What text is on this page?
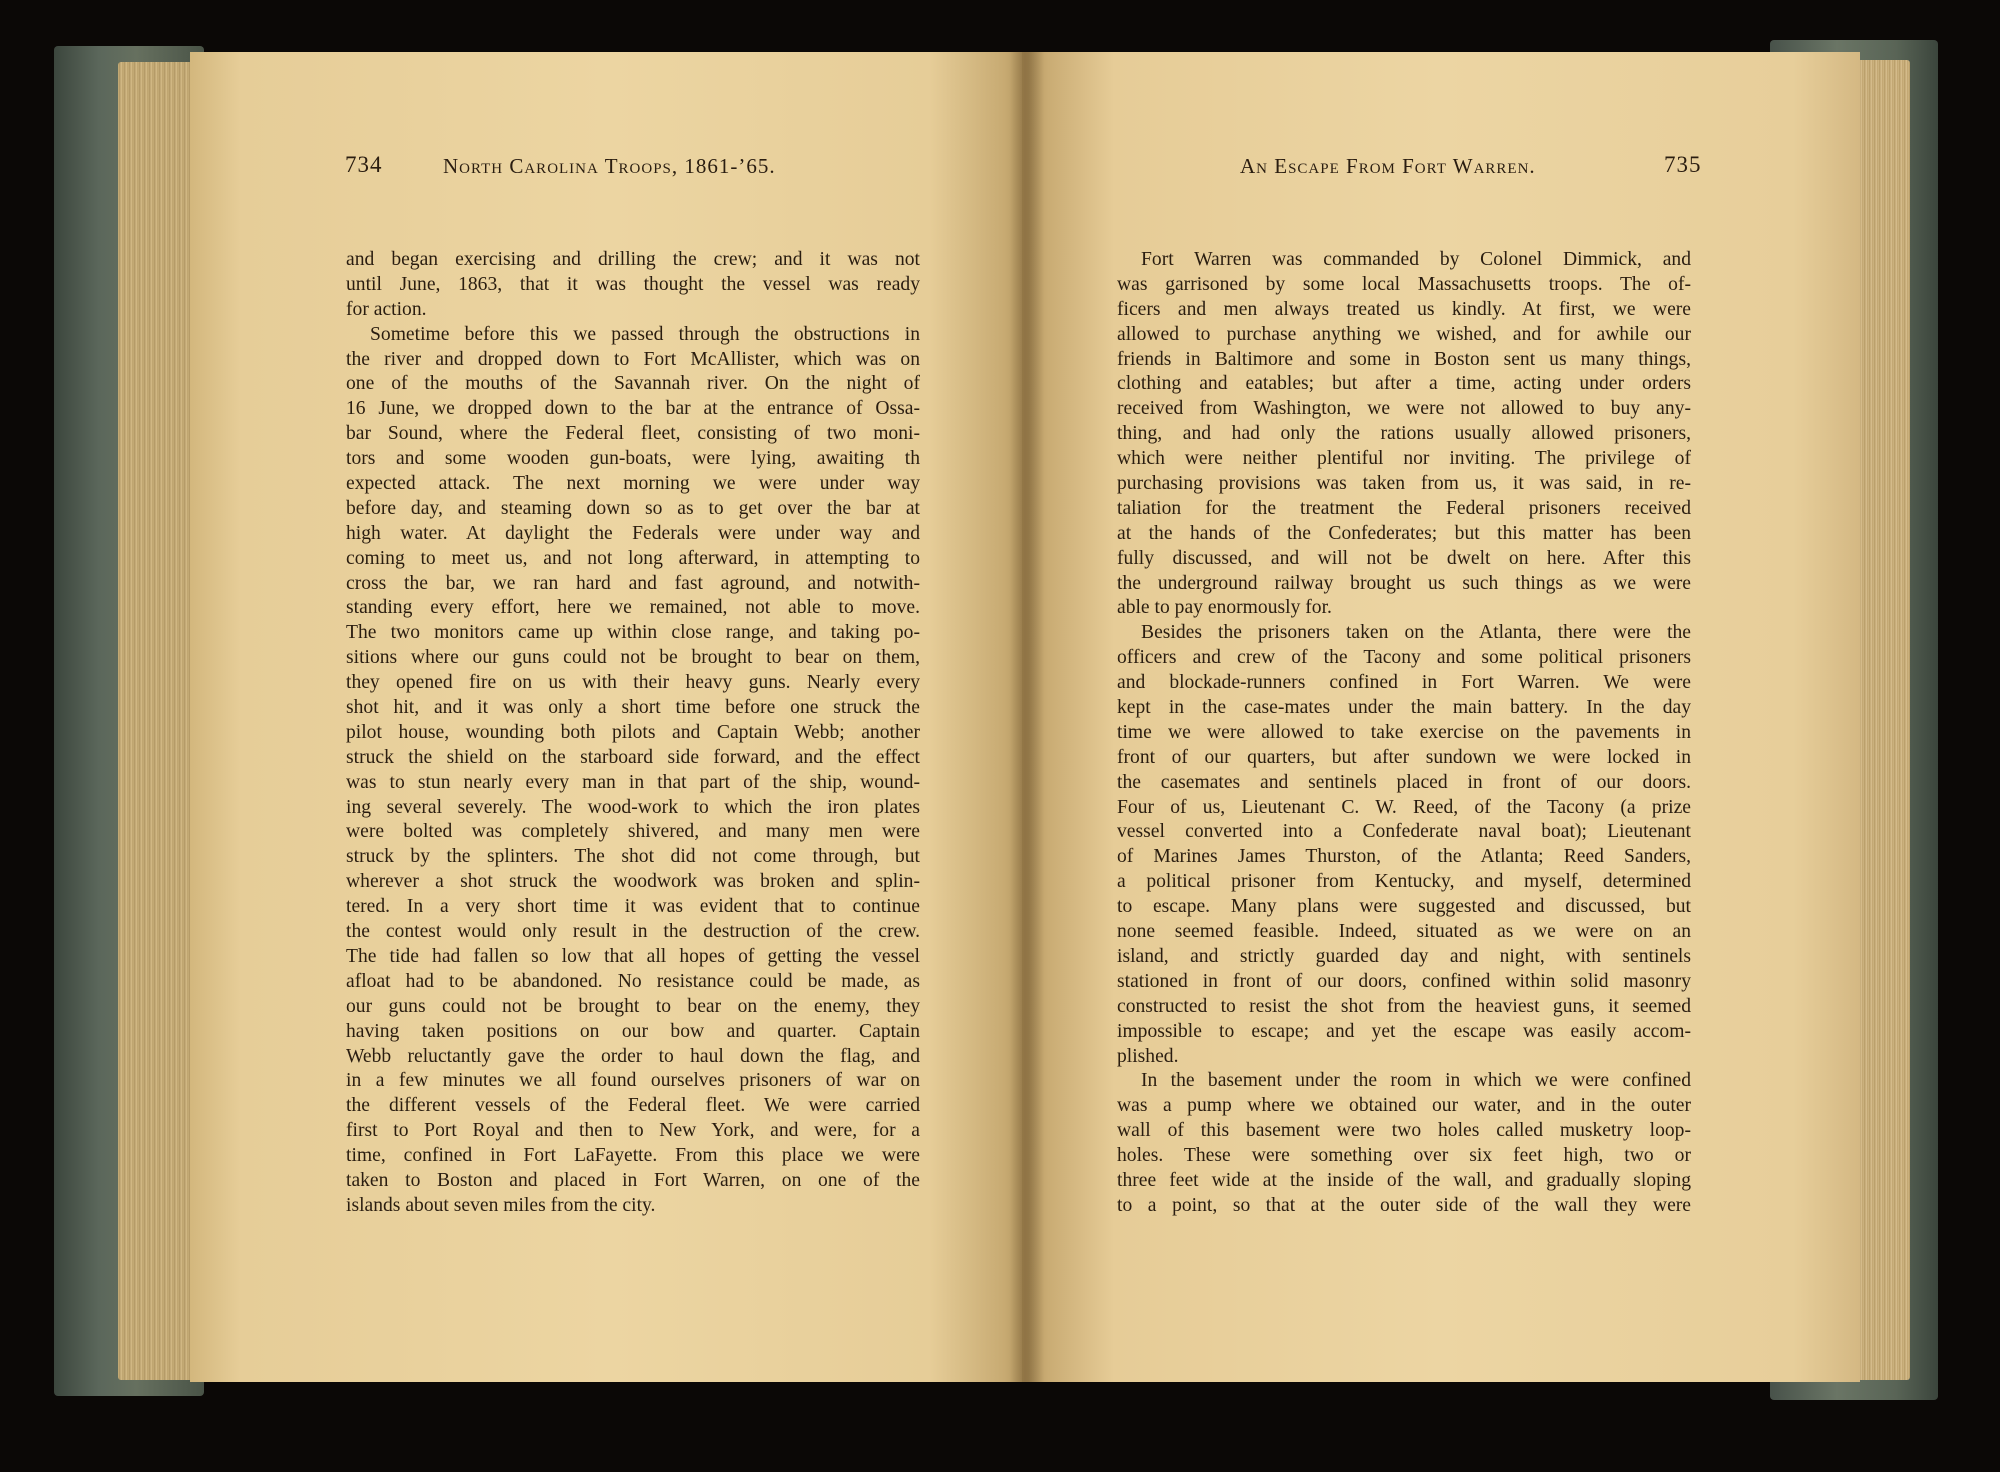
734	North Carolina Troops, 1861-’65.	An Escape From Fort Warren.	735
and began exercising and drilling the crew; and it was not
until June, 1863, that it was thought the vessel was ready
for action.
Sometime before this we passed through the obstructions in
the river and dropped down to Fort McAllister, which was on
one of the mouths of the Savannah river. On the night of
16 June, we dropped down to the bar at the entrance of Ossa-
bar Sound, where the Federal fleet, consisting of two moni-
tors and some wooden gun-boats, were lying, awaiting th
expected attack. The next morning we were under way
before day, and steaming down so as to get over the bar at
high water. At daylight the Federals were under way and
coming to meet us, and not long afterward, in attempting to
cross the bar, we ran hard and fast aground, and notwith-
standing every effort, here we remained, not able to move.
The two monitors came up within close range, and taking po-
sitions where our guns could not be brought to bear on them,
they opened fire on us with their heavy guns. Nearly every
shot hit, and it was only a short time before one struck the
pilot house, wounding both pilots and Captain Webb; another
struck the shield on the starboard side forward, and the effect
was to stun nearly every man in that part of the ship, wound-
ing several severely. The wood-work to which the iron plates
were bolted was completely shivered, and many men were
struck by the splinters. The shot did not come through, but
wherever a shot struck the woodwork was broken and splin-
tered. In a very short time it was evident that to continue
the contest would only result in the destruction of the crew.
The tide had fallen so low that all hopes of getting the vessel
afloat had to be abandoned. No resistance could be made, as
our guns could not be brought to bear on the enemy, they
having taken positions on our bow and quarter. Captain
Webb reluctantly gave the order to haul down the flag, and
in a few minutes we all found ourselves prisoners of war on
the different vessels of the Federal fleet. We were carried
first to Port Royal and then to New York, and were, for a
time, confined in Fort LaFayette. From this place we were
taken to Boston and placed in Fort Warren, on one of the
islands about seven miles from the city.
Fort Warren was commanded by Colonel Dimmick, and
was garrisoned by some local Massachusetts troops. The of-
ficers and men always treated us kindly. At first, we were
allowed to purchase anything we wished, and for awhile our
friends in Baltimore and some in Boston sent us many things,
clothing and eatables; but after a time, acting under orders
received from Washington, we were not allowed to buy any-
thing, and had only the rations usually allowed prisoners,
which were neither plentiful nor inviting. The privilege of
purchasing provisions was taken from us, it was said, in re-
taliation for the treatment the Federal prisoners received
at the hands of the Confederates; but this matter has been
fully discussed, and will not be dwelt on here. After this
the underground railway brought us such things as we were
able to pay enormously for.
Besides the prisoners taken on the Atlanta, there were the
officers and crew of the Tacony and some political prisoners
and blockade-runners confined in Fort Warren. We were
kept in the case-mates under the main battery. In the day
time we were allowed to take exercise on the pavements in
front of our quarters, but after sundown we were locked in
the casemates and sentinels placed in front of our doors.
Four of us, Lieutenant C. W. Reed, of the Tacony (a prize
vessel converted into a Confederate naval boat); Lieutenant
of Marines James Thurston, of the Atlanta; Reed Sanders,
a political prisoner from Kentucky, and myself, determined
to escape. Many plans were suggested and discussed, but
none seemed feasible. Indeed, situated as we were on an
island, and strictly guarded day and night, with sentinels
stationed in front of our doors, confined within solid masonry
constructed to resist the shot from the heaviest guns, it seemed
impossible to escape; and yet the escape was easily accom-
plished.
In the basement under the room in which we were confined
was a pump where we obtained our water, and in the outer
wall of this basement were two holes called musketry loop-
holes. These were something over six feet high, two or
three feet wide at the inside of the wall, and gradually sloping
to a point, so that at the outer side of the wall they were
